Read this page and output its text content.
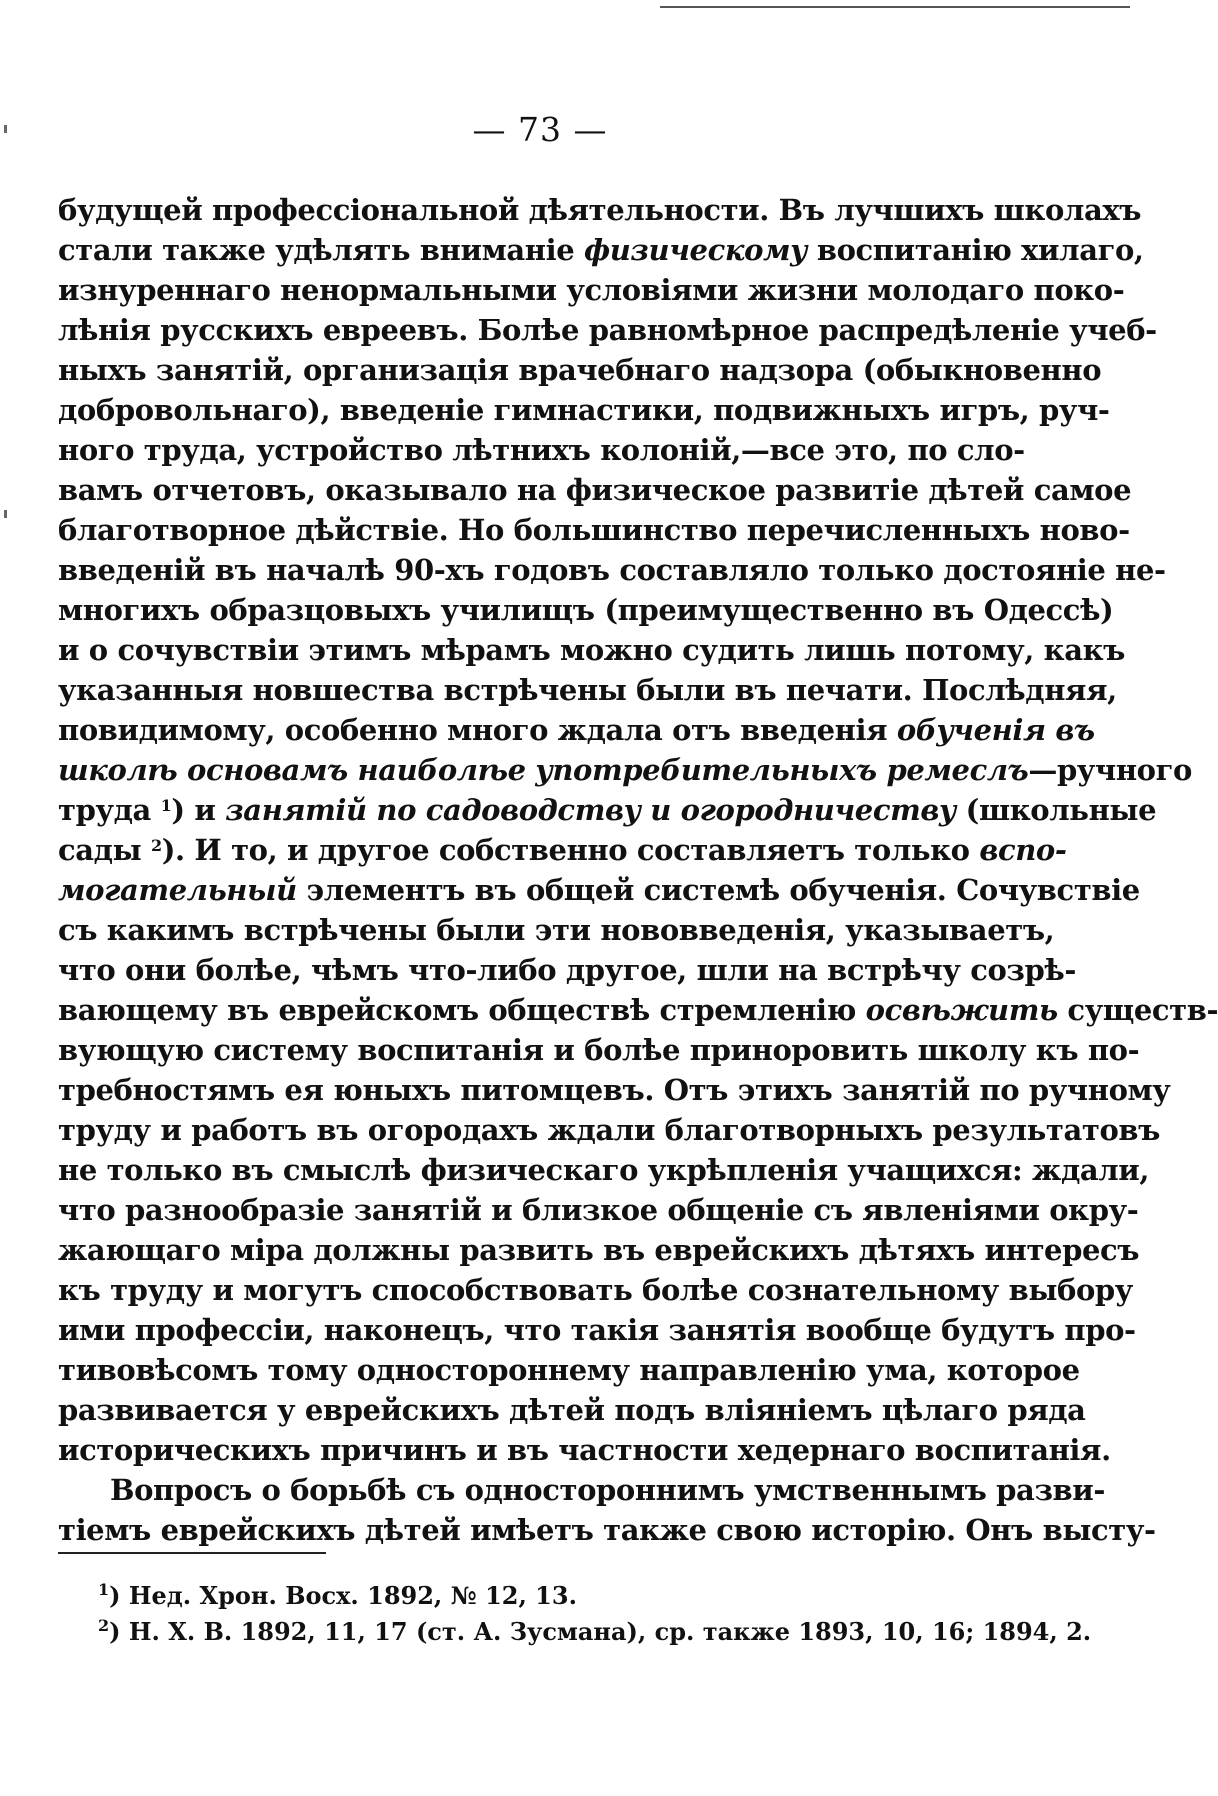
— 73 —
будущей профессіональной дѣятельности. Въ лучшихъ школахъ
стали также удѣлять вниманіе физическому воспитанію хилаго,
изнуреннаго ненормальными условіями жизни молодаго поко-
лѣнія русскихъ евреевъ. Болѣе равномѣрное распредѣленіе учеб-
ныхъ занятій, организація врачебнаго надзора (обыкновенно
добровольнаго), введеніе гимнастики, подвижныхъ игръ, руч-
ного труда, устройство лѣтнихъ колоній,—все это, по сло-
вамъ отчетовъ, оказывало на физическое развитіе дѣтей самое
благотворное дѣйствіе. Но большинство перечисленныхъ ново-
введеній въ началѣ 90-хъ годовъ составляло только достояніе не-
многихъ образцовыхъ училищъ (преимущественно въ Одессѣ)
и о сочувствіи этимъ мѣрамъ можно судить лишь потому, какъ
указанныя новшества встрѣчены были въ печати. Послѣдняя,
повидимому, особенно много ждала отъ введенія обученія въ
школѣ основамъ наиболѣе употребительныхъ ремеслъ—ручного
труда $^1$) и занятій по садоводству и огородничеству (школьные
сады $^2$). И то, и другое собственно составляетъ только вспо-
могательный элементъ въ общей системѣ обученія. Сочувствіе
съ какимъ встрѣчены были эти нововведенія, указываетъ,
что они болѣе, чѣмъ что-либо другое, шли на встрѣчу созрѣ-
вающему въ еврейскомъ обществѣ стремленію освѣжить существ-
вующую систему воспитанія и болѣе приноровить школу къ по-
требностямъ ея юныхъ питомцевъ. Отъ этихъ занятій по ручному
труду и работъ въ огородахъ ждали благотворныхъ результатовъ
не только въ смыслѣ физическаго укрѣпленія учащихся: ждали,
что разнообразіе занятій и близкое общеніе съ явленіями окру-
жающаго міра должны развить въ еврейскихъ дѣтяхъ интересъ
къ труду и могутъ способствовать болѣе сознательному выбору
ими профессіи, наконецъ, что такія занятія вообще будутъ про-
тивовѣсомъ тому одностороннему направленію ума, которое
развивается у еврейскихъ дѣтей подъ вліяніемъ цѣлаго ряда
историческихъ причинъ и въ частности хедернаго воспитанія.
Вопросъ о борьбѣ съ одностороннимъ умственнымъ разви-
тіемъ еврейскихъ дѣтей имѣетъ также свою исторію. Онъ высту-
$^1$) Нед. Хрон. Восх. 1892, № 12, 13.
$^2$) Н. Х. В. 1892, 11, 17 (ст. А. Зусмана), ср. также 1893, 10, 16; 1894, 2.
